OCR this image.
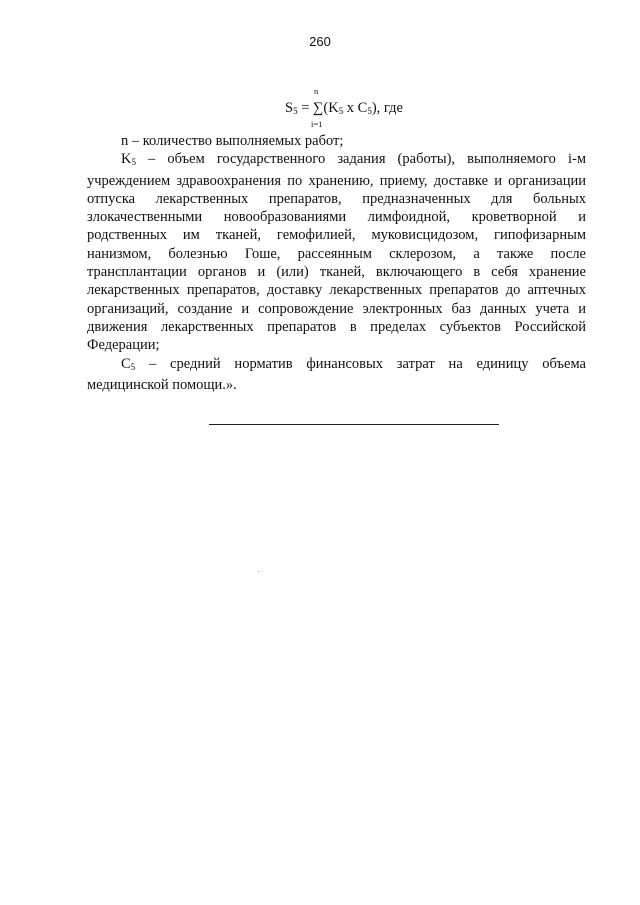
260
$S_5$ =
n
∑
i=1
($K_5$ x $C_5$), где

n – количество выполняемых работ;

$K_5$ – объем государственного задания (работы), выполняемого i-м учреждением здравоохранения по хранению, приему, доставке и организации отпуска лекарственных препаратов, предназначенных для больных злокачественными новообразованиями лимфоидной, кроветворной и родственных им тканей, гемофилией, муковисцидозом, гипофизарным нанизмом, болезнью Гоше, рассеянным склерозом, а также после трансплантации органов и (или) тканей, включающего в себя хранение лекарственных препаратов, доставку лекарственных препаратов до аптечных организаций, создание и сопровождение электронных баз данных учета и движения лекарственных препаратов в пределах субъектов Российской Федерации;

$C_5$ – средний норматив финансовых затрат на единицу объема медицинской помощи.».
